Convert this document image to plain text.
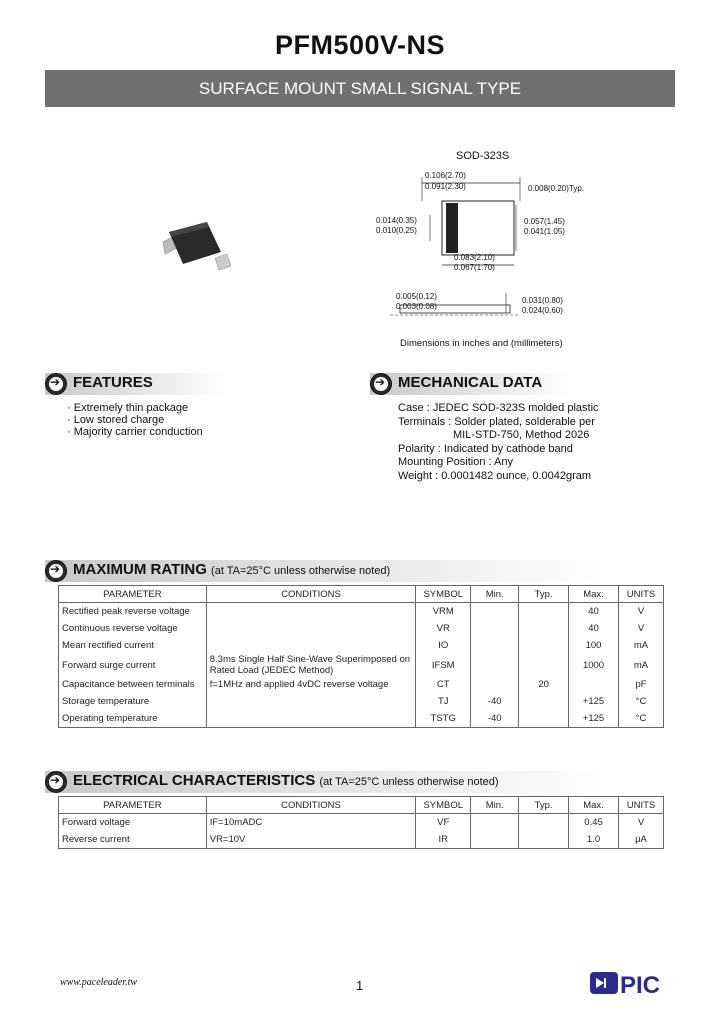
PFM500V-NS
SURFACE MOUNT SMALL SIGNAL TYPE
SOD-323S
0.106(2.70)
0.091(2.30)	0.008(0.20)Typ.
0.014(0.35)
0.010(0.25)
0.057(1.45)
0.041(1.05)
0.083(2.10)
0.067(1.70)
0.005(0.12)
0.003(0.08)
0.031(0.80)
0.024(0.60)
Dimensions in inches and (millimeters)
➔
FEATURES
· Extremely thin package
· Low stored charge
· Majority carrier conduction
➔
MECHANICAL DATA
Case : JEDEC SOD-323S molded plastic
Terminals : Solder plated, solderable per
MIL-STD-750, Method 2026
Polarity : Indicated by cathode band
Mounting Position : Any
Weight : 0.0001482 ounce, 0.0042gram
➔
MAXIMUM RATING (at TA=25°C unless otherwise noted)
PARAMETER	CONDITIONS	SYMBOL	Min.	Typ.	Max.	UNITS
Rectified peak reverse voltage		VRM			40	V
Continuous reverse voltage		VR			40	V
Mean rectified current		IO			100	mA
Forward surge current	8.3ms Single Half Sine-Wave Superimposed on Rated Load (JEDEC Method)	IFSM			1000	mA
Capacitance between terminals	f=1MHz and applied 4vDC reverse voltage	CT		20		pF
Storage temperature		TJ	-40		+125	°C
Operating temperature		TSTG	-40		+125	°C
➔
ELECTRICAL CHARACTERISTICS (at TA=25°C unless otherwise noted)
PARAMETER	CONDITIONS	SYMBOL	Min.	Typ.	Max.	UNITS
Forward voltage	IF=10mADC	VF			0.45	V
Reverse current	VR=10V	IR			1.0	μA
www.paceleader.tw	1	PIC
